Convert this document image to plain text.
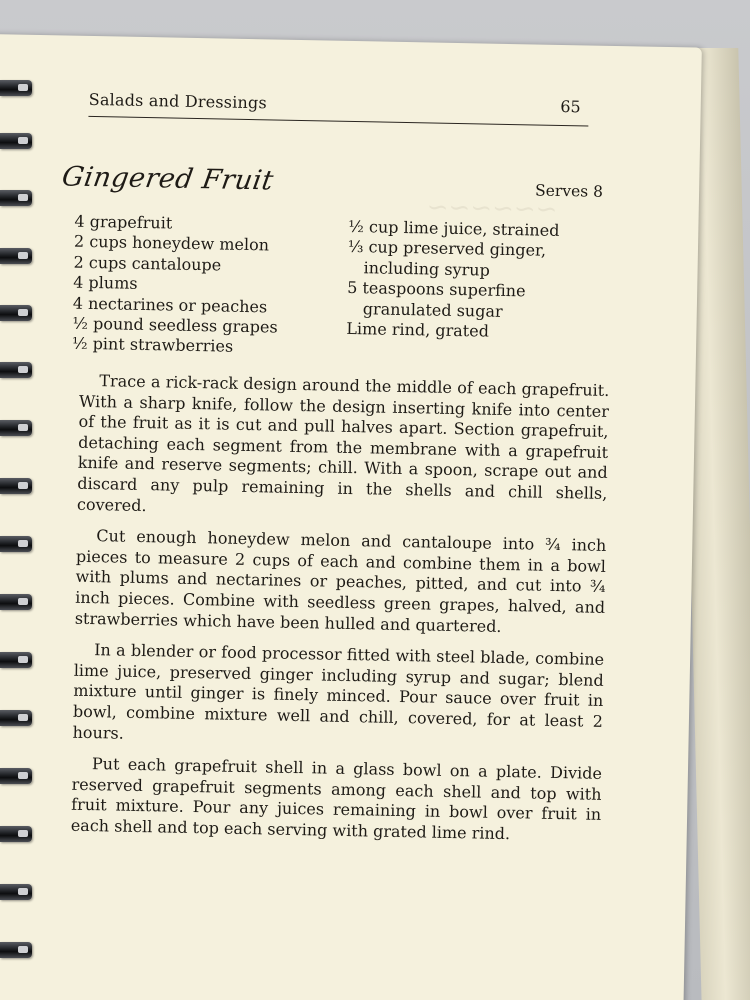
~~~~~~
Salads and Dressings	65
Gingered Fruit	Serves 8
4 grapefruit
2 cups honeydew melon
2 cups cantaloupe
4 plums
4 nectarines or peaches
½ pound seedless grapes
½ pint strawberries
½ cup lime juice, strained
⅓ cup preserved ginger,
including syrup
5 teaspoons superfine
granulated sugar
Lime rind, grated

Trace a rick-rack design around the middle of each grapefruit. With a sharp knife, follow the design inserting knife into center of the fruit as it is cut and pull halves apart. Section grapefruit, detaching each segment from the membrane with a grapefruit knife and reserve segments; chill. With a spoon, scrape out and discard any pulp remaining in the shells and chill shells, covered.

Cut enough honeydew melon and cantaloupe into ¾ inch pieces to measure 2 cups of each and combine them in a bowl with plums and nectarines or peaches, pitted, and cut into ¾ inch pieces. Combine with seedless green grapes, halved, and strawberries which have been hulled and quartered.

In a blender or food processor fitted with steel blade, combine lime juice, preserved ginger including syrup and sugar; blend mixture until ginger is finely minced. Pour sauce over fruit in bowl, combine mixture well and chill, covered, for at least 2 hours.

Put each grapefruit shell in a glass bowl on a plate. Divide reserved grapefruit segments among each shell and top with fruit mixture. Pour any juices remaining in bowl over fruit in each shell and top each serving with grated lime rind.
